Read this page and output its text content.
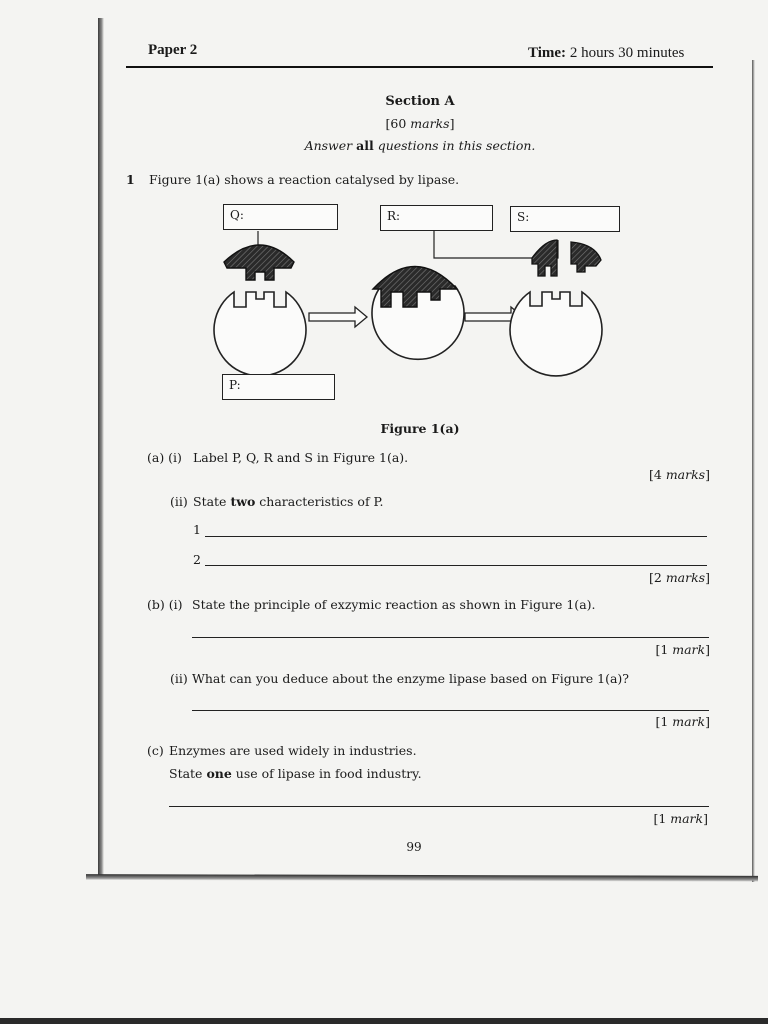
Paper 2	Time: 2 hours 30 minutes
Section A
[60 marks]
Answer all questions in this section.
1 Figure 1(a) shows a reaction catalysed by lipase.
Q:	R:	S:
P:
Figure 1(a)
(a) (i) Label P, Q, R and S in Figure 1(a).
[4 marks]
(ii) State two characteristics of P.
1
2
[2 marks]
(b) (i) State the principle of exzymic reaction as shown in Figure 1(a).
[1 mark]
(ii) What can you deduce about the enzyme lipase based on Figure 1(a)?
[1 mark]
(c) Enzymes are used widely in industries.
State one use of lipase in food industry.
[1 mark]
99
